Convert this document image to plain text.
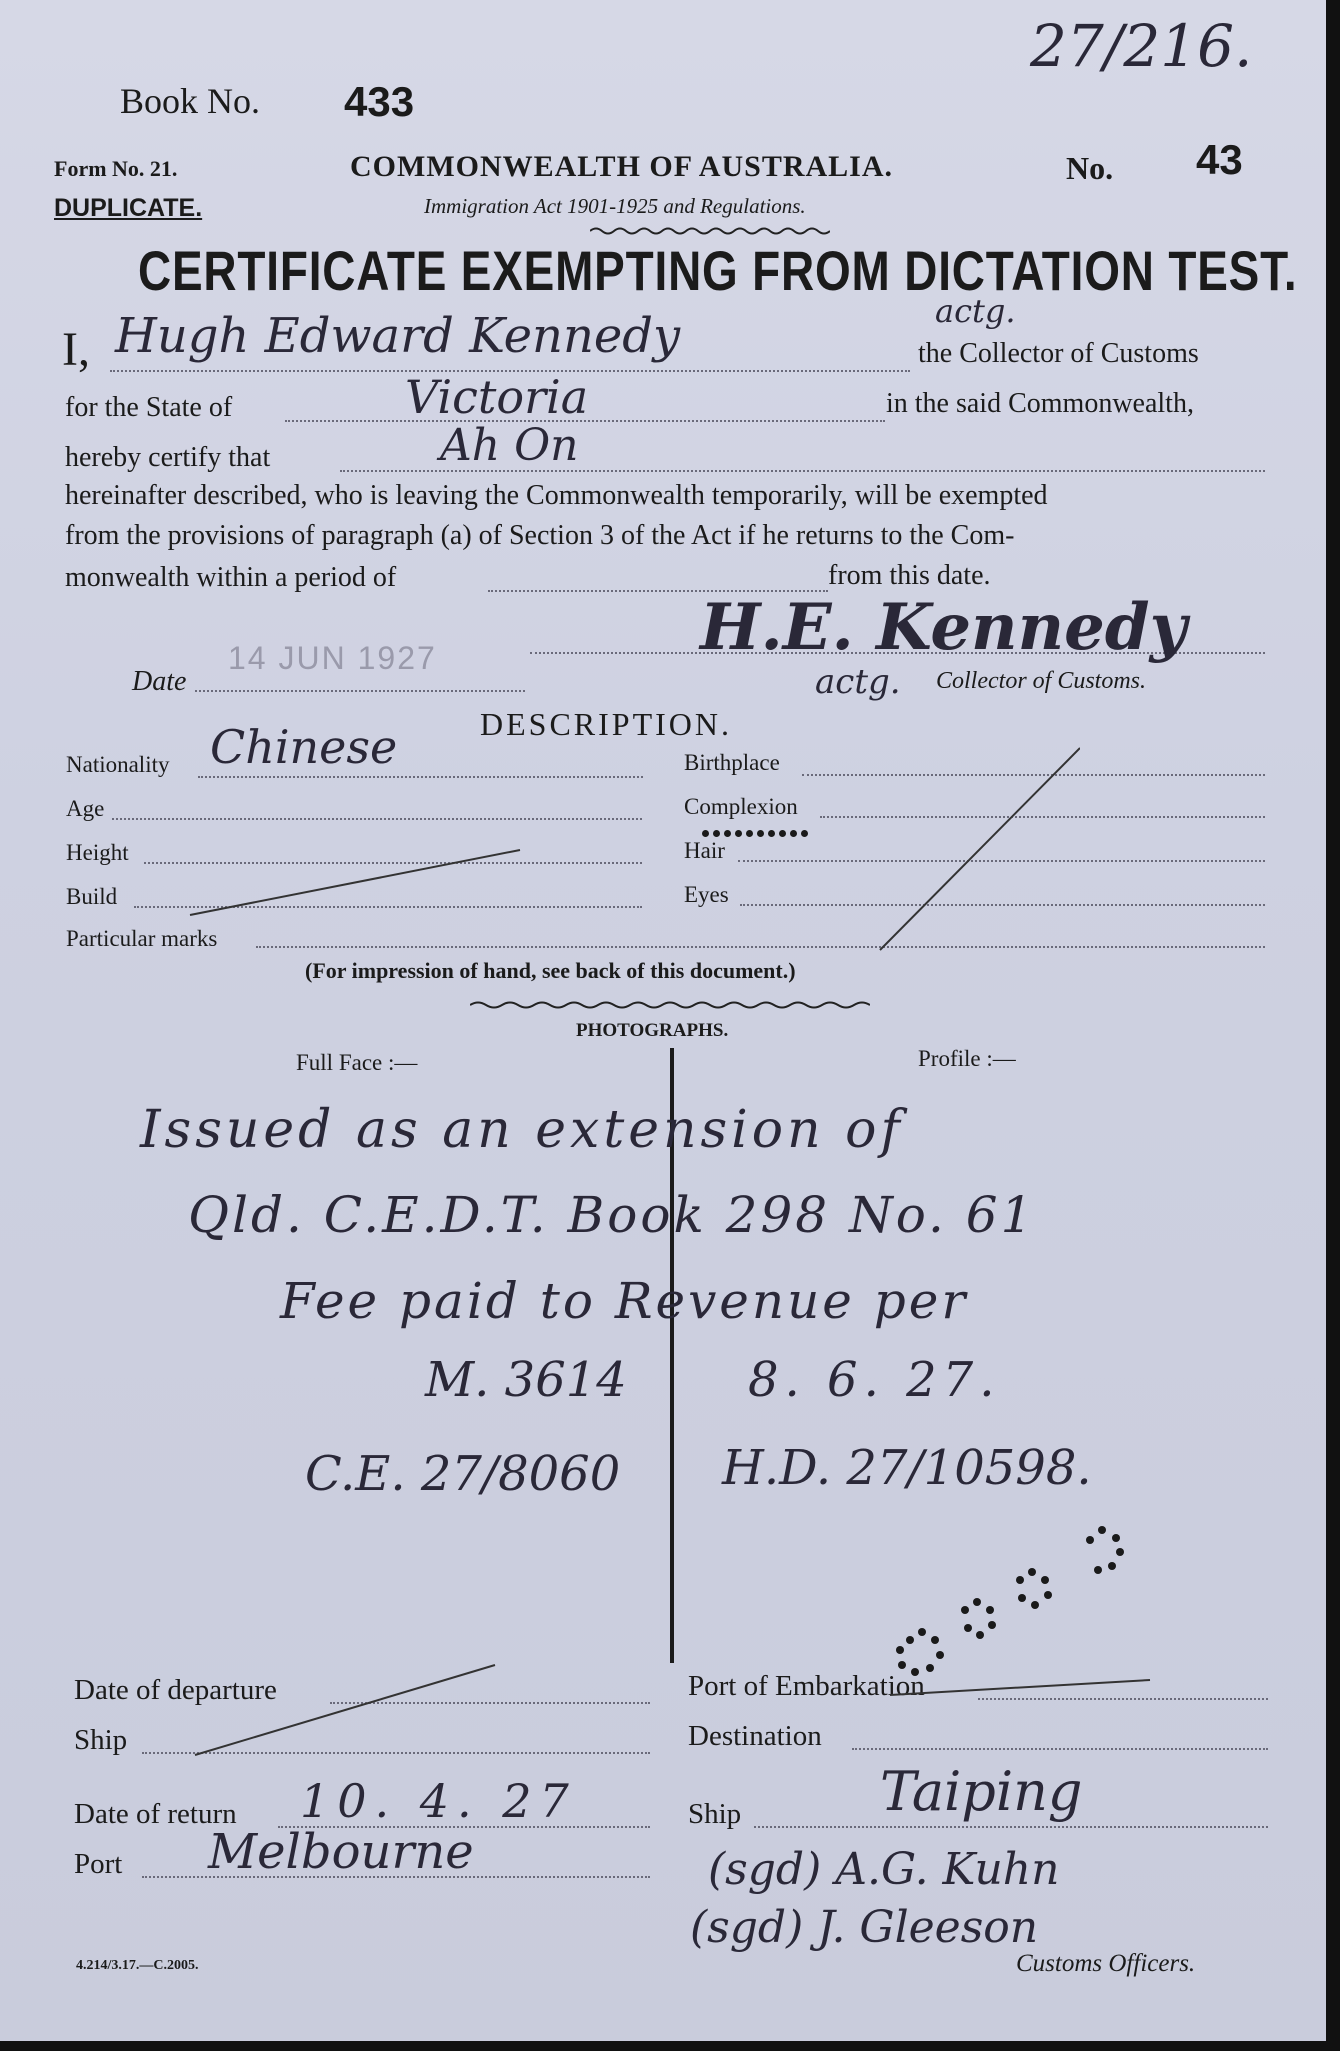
27/216.
Book No. 433
Form No. 21.
DUPLICATE.
COMMONWEALTH OF AUSTRALIA.
Immigration Act 1901-1925 and Regulations.
No. 43
CERTIFICATE EXEMPTING FROM DICTATION TEST.
I, Hugh Edward Kennedy	actg.
the Collector of Customs
for the State of	Victoria	in the said Commonwealth,
hereby certify that	Ah On
hereinafter described, who is leaving the Commonwealth temporarily, will be exempted
from the provisions of paragraph (a) of Section 3 of the Act if he returns to the Com-
monwealth within a period of	from this date.
Date
14 JUN 1927	H.E. Kennedy
actg. Collector of Customs.
DESCRIPTION.
Nationality Chinese	Birthplace
Age	Complexion
Height	Hair
Build	Eyes
Particular marks
(For impression of hand, see back of this document.)
PHOTOGRAPHS.
Full Face :—	Profile :—
Issued as an extension of
Qld. C.E.D.T. Book 298 No. 61
Fee paid to Revenue per
M. 3614	8. 6. 27.
C.E. 27/8060 H.D. 27/10598.
Date of departure	Port of Embarkation
Ship	Destination
Date of return 10. 4. 27	Ship	Taiping
Port Melbourne	(sgd) A.G. Kuhn
(sgd) J. Gleeson
Customs Officers.
4.214/3.17.—C.2005.
